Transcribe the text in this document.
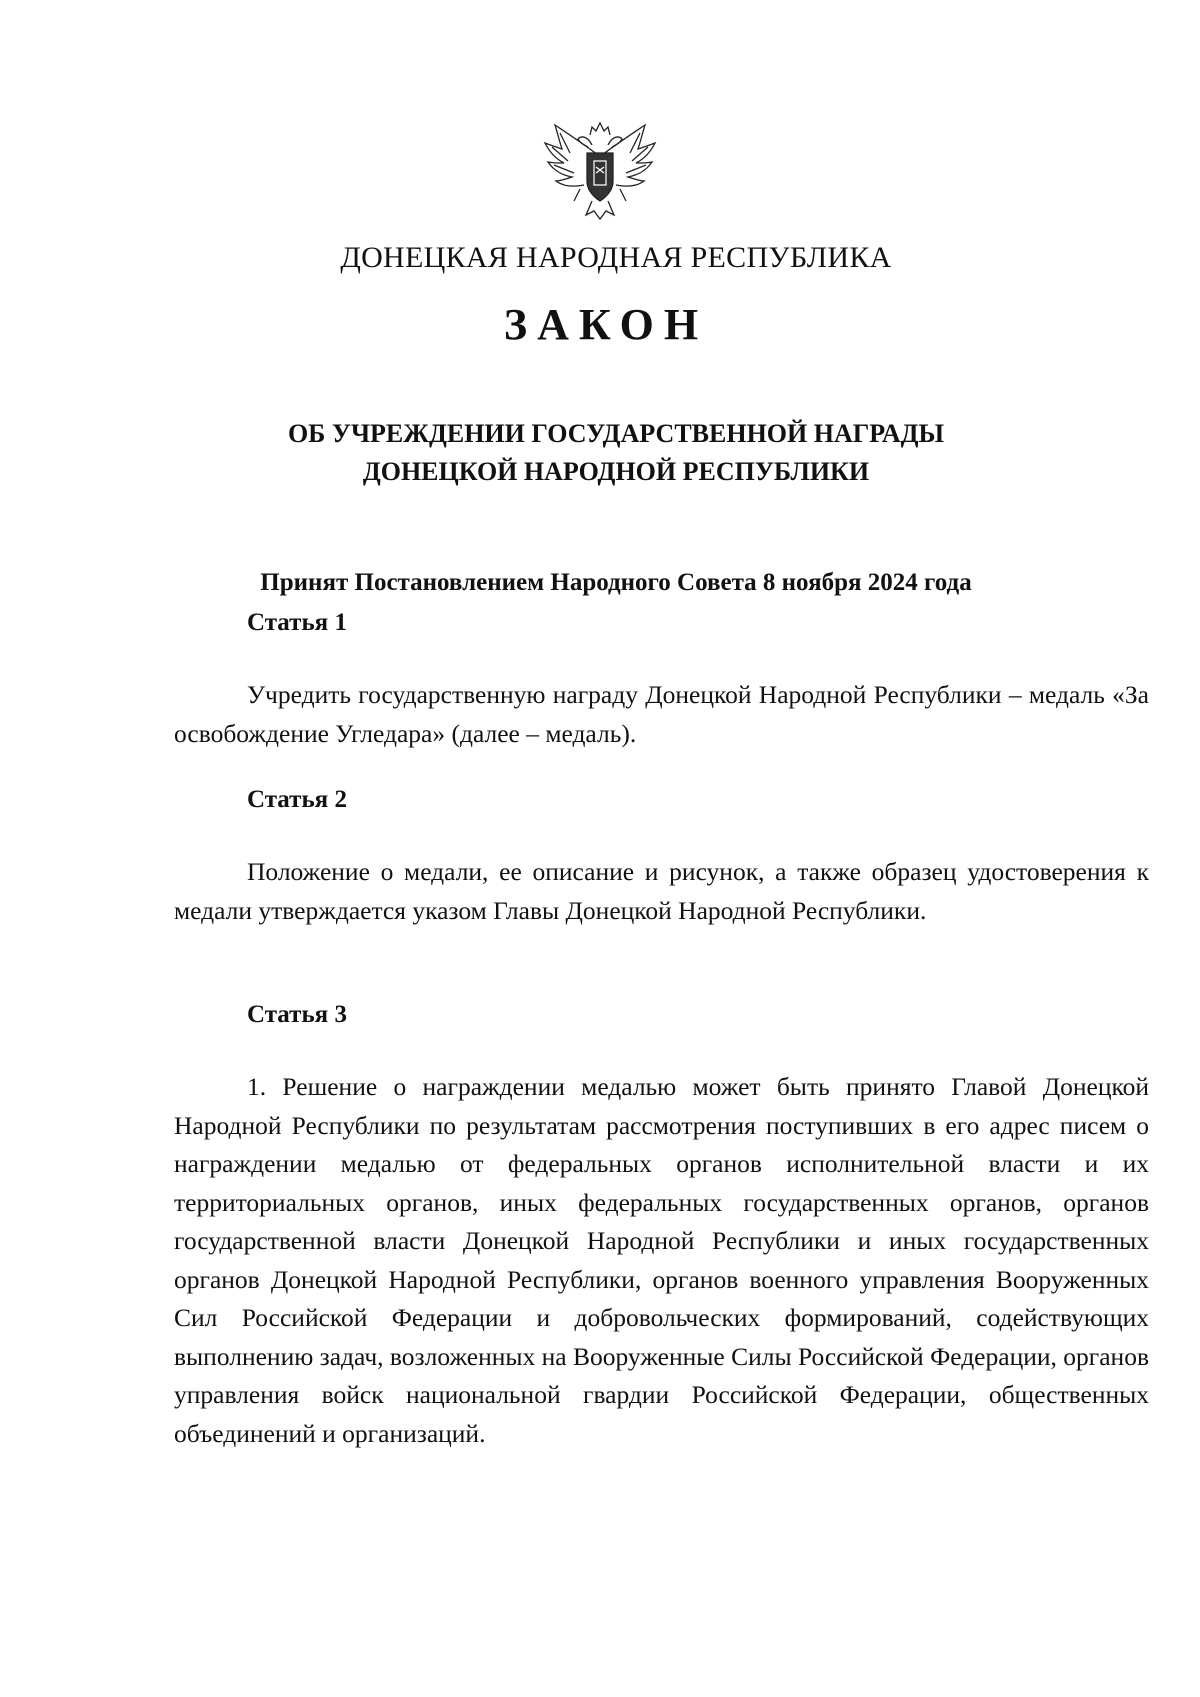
ДОНЕЦКАЯ НАРОДНАЯ РЕСПУБЛИКА
ЗАКОН
ОБ УЧРЕЖДЕНИИ ГОСУДАРСТВЕННОЙ НАГРАДЫ
ДОНЕЦКОЙ НАРОДНОЙ РЕСПУБЛИКИ

Принят Постановлением Народного Совета 8 ноября 2024 года

Статья 1

Учредить государственную награду Донецкой Народной Республики – медаль «За освобождение Угледара» (далее – медаль).

Статья 2

Положение о медали, ее описание и рисунок, а также образец удостоверения к медали утверждается указом Главы Донецкой Народной Республики.

Статья 3

1. Решение о награждении медалью может быть принято Главой Донецкой Народной Республики по результатам рассмотрения поступивших в его адрес писем о награждении медалью от федеральных органов исполнительной власти и их территориальных органов, иных федеральных государственных органов, органов государственной власти Донецкой Народной Республики и иных государственных органов Донецкой Народной Республики, органов военного управления Вооруженных Сил Российской Федерации и добровольческих формирований, содействующих выполнению задач, возложенных на Вооруженные Силы Российской Федерации, органов управления войск национальной гвардии Российской Федерации, общественных объединений и организаций.
